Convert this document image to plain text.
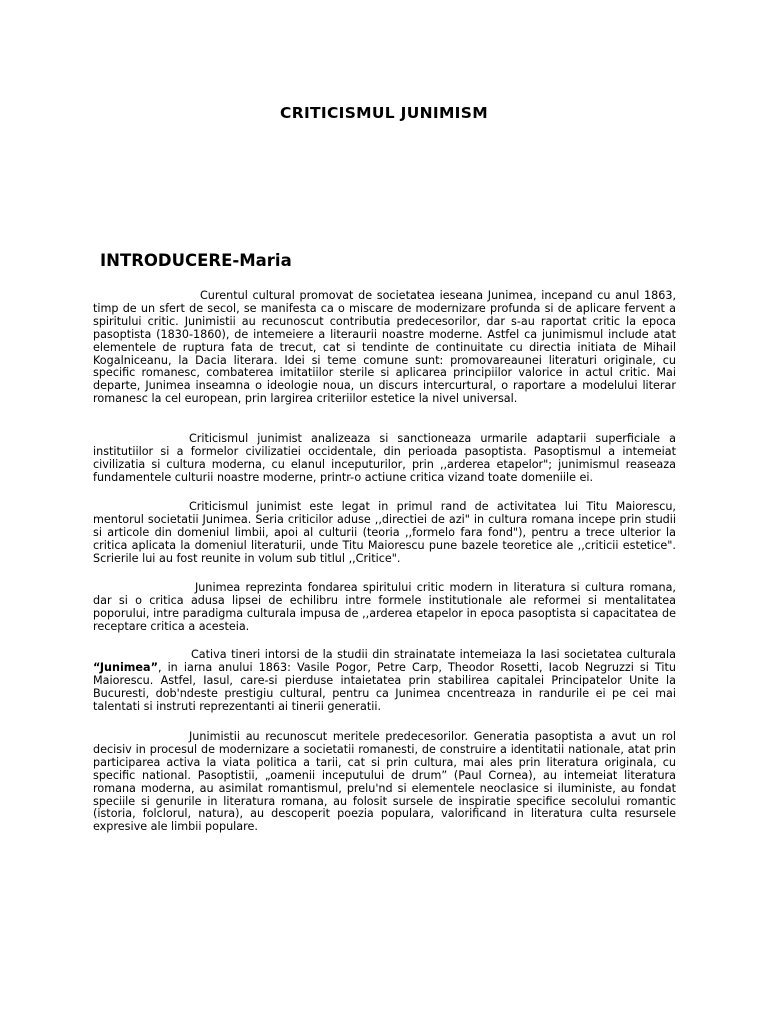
CRITICISMUL JUNIMISM
INTRODUCERE-Maria

Curentul cultural promovat de societatea ieseana Junimea, incepand cu anul 1863, timp de un sfert de secol, se manifesta ca o miscare de modernizare profunda si de aplicare fervent a spiritului critic. Junimistii au recunoscut contributia predecesorilor, dar s-au raportat critic la epoca pasoptista (1830-1860), de intemeiere a literaurii noastre moderne. Astfel ca junimismul include atat elementele de ruptura fata de trecut, cat si tendinte de continuitate cu directia initiata de Mihail Kogalniceanu, la Dacia literara. Idei si teme comune sunt: promovareaunei literaturi originale, cu specific romanesc, combaterea imitatiilor sterile si aplicarea principiilor valorice in actul critic. Mai departe, Junimea inseamna o ideologie noua, un discurs intercurtural, o raportare a modelului literar romanesc la cel european, prin largirea criteriilor estetice la nivel universal.

Criticismul junimist analizeaza si sanctioneaza urmarile adaptarii superficiale a institutiilor si a formelor civilizatiei occidentale, din perioada pasoptista. Pasoptismul a intemeiat civilizatia si cultura moderna, cu elanul inceputurilor, prin ,,arderea etapelor"; junimismul reaseaza fundamentele culturii noastre moderne, printr-o actiune critica vizand toate domeniile ei.

Criticismul junimist este legat in primul rand de activitatea lui Titu Maiorescu, mentorul societatii Junimea. Seria criticilor aduse ,,directiei de azi" in cultura romana incepe prin studii si articole din domeniul limbii, apoi al culturii (teoria ,,formelo fara fond"), pentru a trece ulterior la critica aplicata la domeniul literaturii, unde Titu Maiorescu pune bazele teoretice ale ,,criticii estetice". Scrierile lui au fost reunite in volum sub titlul ,,Critice".

Junimea reprezinta fondarea spiritului critic modern in literatura si cultura romana, dar si o critica adusa lipsei de echilibru intre formele institutionale ale reformei si mentalitatea poporului, intre paradigma culturala impusa de ,,arderea etapelor in epoca pasoptista si capacitatea de receptare critica a acesteia.

Cativa tineri intorsi de la studii din strainatate intemeiaza la Iasi societatea culturala “Junimea”, in iarna anului 1863: Vasile Pogor, Petre Carp, Theodor Rosetti, Iacob Negruzzi si Titu Maiorescu. Astfel, Iasul, care-si pierduse intaietatea prin stabilirea capitalei Principatelor Unite la Bucuresti, dob'ndeste prestigiu cultural, pentru ca Junimea cncentreaza in randurile ei pe cei mai talentati si instruti reprezentanti ai tinerii generatii.

Junimistii au recunoscut meritele predecesorilor. Generatia pasoptista a avut un rol decisiv in procesul de modernizare a societatii romanesti, de construire a identitatii nationale, atat prin participarea activa la viata politica a tarii, cat si prin cultura, mai ales prin literatura originala, cu specific national. Pasoptistii, „oamenii inceputului de drum” (Paul Cornea), au intemeiat literatura romana moderna, au asimilat romantismul, prelu'nd si elementele neoclasice si iluministe, au fondat speciile si genurile in literatura romana, au folosit sursele de inspiratie specifice secolului romantic (istoria, folclorul, natura), au descoperit poezia populara, valorificand in literatura culta resursele expresive ale limbii populare.
